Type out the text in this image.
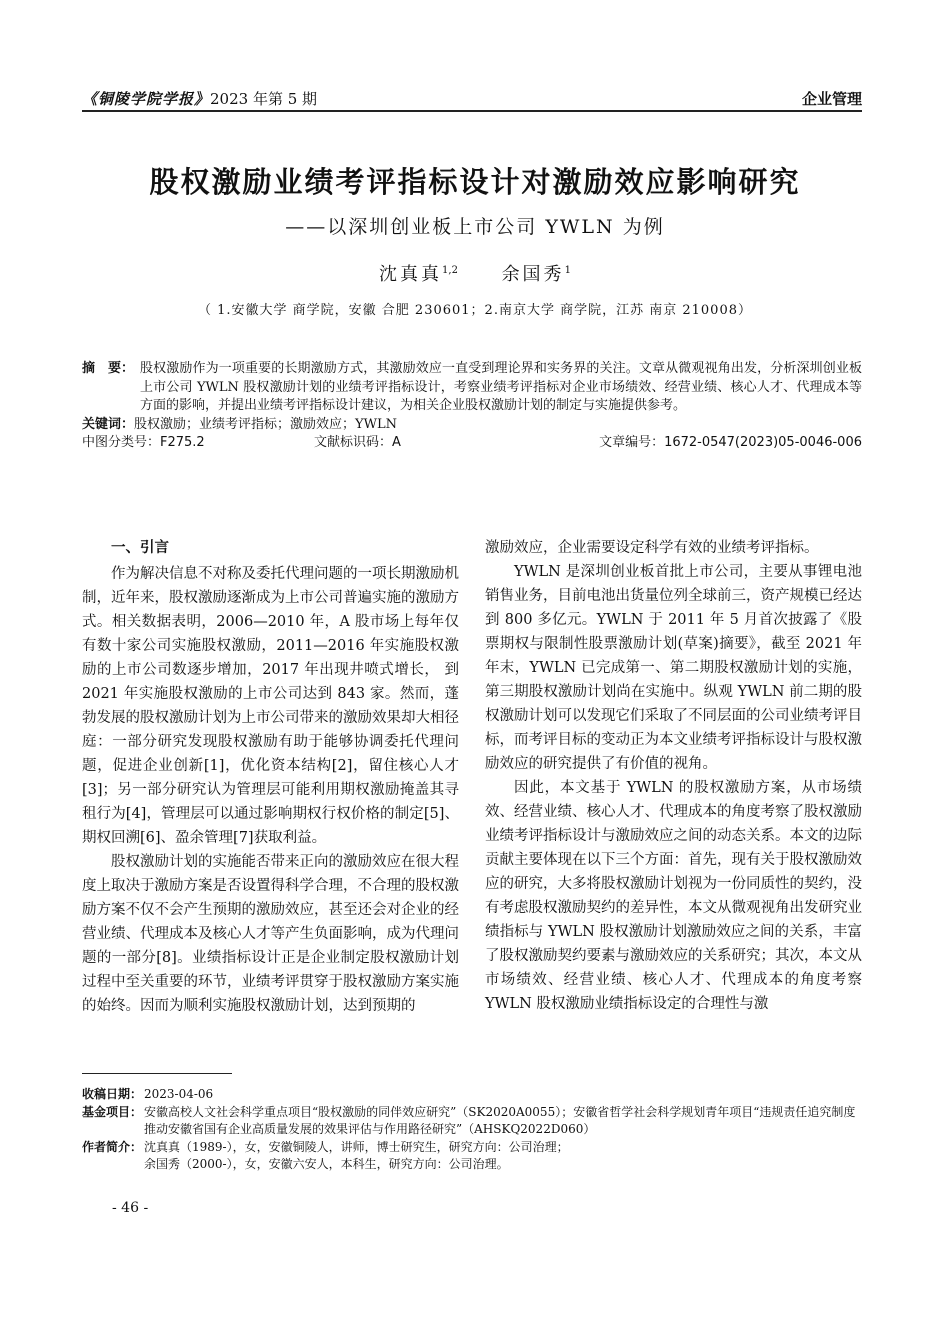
《铜陵学院学报》2023 年第 5 期	企业管理
股权激励业绩考评指标设计对激励效应影响研究
——以深圳创业板上市公司 YWLN 为例
沈真真$^{1,2}$ 余国秀$^1$
（ 1.安徽大学 商学院，安徽 合肥 230601；2.南京大学 商学院，江苏 南京 210008）
摘　要： 股权激励作为一项重要的长期激励方式，其激励效应一直受到理论界和实务界的关注。文章从微观视角出发，分析深圳创业板上市公司 YWLN 股权激励计划的业绩考评指标设计，考察业绩考评指标对企业市场绩效、经营业绩、核心人才、代理成本等方面的影响，并提出业绩考评指标设计建议，为相关企业股权激励计划的制定与实施提供参考。
关键词：股权激励；业绩考评指标；激励效应；YWLN
中图分类号：F275.2	文献标识码：A	文章编号：1672-0547(2023)05-0046-006
一、引言

作为解决信息不对称及委托代理问题的一项长期激励机制，近年来，股权激励逐渐成为上市公司普遍实施的激励方式。相关数据表明，2006—2010 年，A 股市场上每年仅有数十家公司实施股权激励，2011—2016 年实施股权激励的上市公司数逐步增加，2017 年出现井喷式增长， 到 2021 年实施股权激励的上市公司达到 843 家。然而，蓬勃发展的股权激励计划为上市公司带来的激励效果却大相径庭：一部分研究发现股权激励有助于能够协调委托代理问题，促进企业创新[1]，优化资本结构[2]，留住核心人才[3]；另一部分研究认为管理层可能利用期权激励掩盖其寻租行为[4]，管理层可以通过影响期权行权价格的制定[5]、期权回溯[6]、盈余管理[7]获取利益。

股权激励计划的实施能否带来正向的激励效应在很大程度上取决于激励方案是否设置得科学合理，不合理的股权激励方案不仅不会产生预期的激励效应，甚至还会对企业的经营业绩、代理成本及核心人才等产生负面影响，成为代理问题的一部分[8]。业绩指标设计正是企业制定股权激励计划过程中至关重要的环节，业绩考评贯穿于股权激励方案实施的始终。因而为顺利实施股权激励计划，达到预期的

激励效应，企业需要设定科学有效的业绩考评指标。

YWLN 是深圳创业板首批上市公司，主要从事锂电池销售业务，目前电池出货量位列全球前三，资产规模已经达到 800 多亿元。YWLN 于 2011 年 5 月首次披露了《股票期权与限制性股票激励计划(草案)摘要》，截至 2021 年年末，YWLN 已完成第一、第二期股权激励计划的实施，第三期股权激励计划尚在实施中。纵观 YWLN 前二期的股权激励计划可以发现它们采取了不同层面的公司业绩考评目标，而考评目标的变动正为本文业绩考评指标设计与股权激励效应的研究提供了有价值的视角。

因此，本文基于 YWLN 的股权激励方案，从市场绩效、经营业绩、核心人才、代理成本的角度考察了股权激励业绩考评指标设计与激励效应之间的动态关系。本文的边际贡献主要体现在以下三个方面：首先，现有关于股权激励效应的研究，大多将股权激励计划视为一份同质性的契约，没有考虑股权激励契约的差异性，本文从微观视角出发研究业绩指标与 YWLN 股权激励计划激励效应之间的关系，丰富了股权激励契约要素与激励效应的关系研究；其次，本文从市场绩效、经营业绩、核心人才、代理成本的角度考察 YWLN 股权激励业绩指标设定的合理性与激

收稿日期： 2023-04-06
基金项目： 安徽高校人文社会科学重点项目“股权激励的同伴效应研究”（SK2020A0055）；安徽省哲学社会科学规划青年项目“违规责任追究制度推动安徽省国有企业高质量发展的效果评估与作用路径研究”（AHSKQ2022D060）
作者简介： 沈真真（1989-），女，安徽铜陵人，讲师，博士研究生，研究方向：公司治理；
余国秀（2000-），女，安徽六安人，本科生，研究方向：公司治理。
- 46 -
